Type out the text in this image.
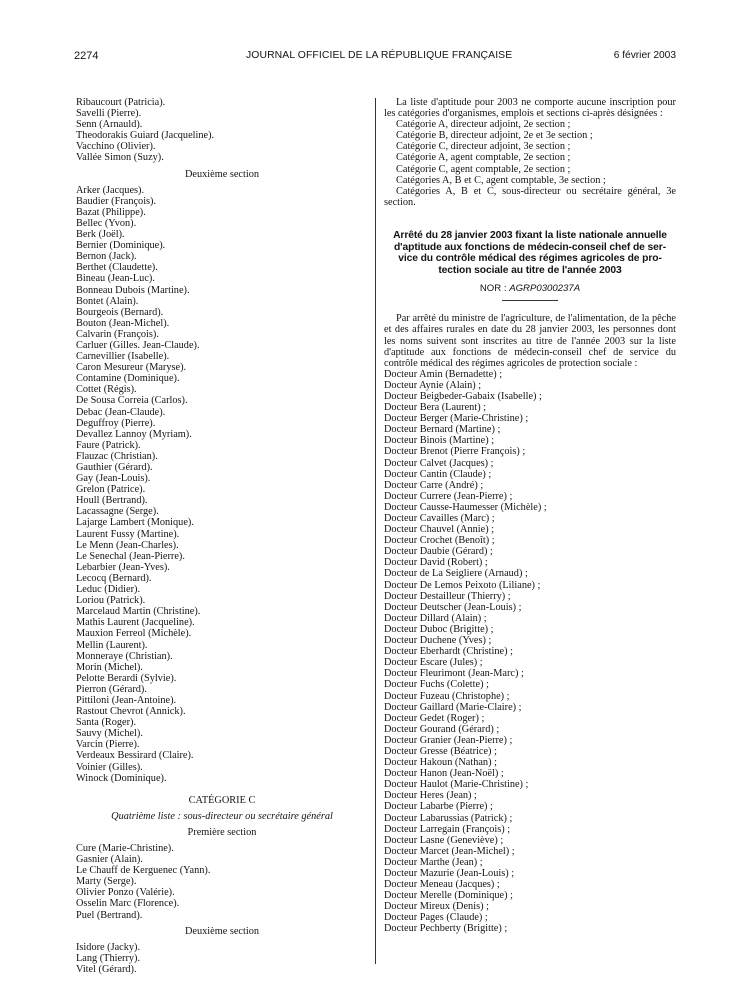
2274	JOURNAL OFFICIEL DE LA RÉPUBLIQUE FRANÇAISE	6 février 2003
Ribaucourt (Patricia).
Savelli (Pierre).
Senn (Arnauld).
Theodorakis Guiard (Jacqueline).
Vacchino (Olivier).
Vallée Simon (Suzy).
Deuxième section
Arker (Jacques).
Baudier (François).
Bazat (Philippe).
Bellec (Yvon).
Berk (Joël).
Bernier (Dominique).
Bernon (Jack).
Berthet (Claudette).
Bineau (Jean-Luc).
Bonneau Dubois (Martine).
Bontet (Alain).
Bourgeois (Bernard).
Bouton (Jean-Michel).
Calvarin (François).
Carluer (Gilles. Jean-Claude).
Carnevillier (Isabelle).
Caron Mesureur (Maryse).
Contamine (Dominique).
Cottet (Régis).
De Sousa Correia (Carlos).
Debac (Jean-Claude).
Deguffroy (Pierre).
Devallez Lannoy (Myriam).
Faure (Patrick).
Flauzac (Christian).
Gauthier (Gérard).
Gay (Jean-Louis).
Grelon (Patrice).
Houll (Bertrand).
Lacassagne (Serge).
Lajarge Lambert (Monique).
Laurent Fussy (Martine).
Le Menn (Jean-Charles).
Le Senechal (Jean-Pierre).
Lebarbier (Jean-Yves).
Lecocq (Bernard).
Leduc (Didier).
Loriou (Patrick).
Marcelaud Martin (Christine).
Mathis Laurent (Jacqueline).
Mauxion Ferreol (Michèle).
Mellin (Laurent).
Monneraye (Christian).
Morin (Michel).
Pelotte Berardi (Sylvie).
Pierron (Gérard).
Pittiloni (Jean-Antoine).
Rastout Chevrot (Annick).
Santa (Roger).
Sauvy (Michel).
Varcin (Pierre).
Verdeaux Bessirard (Claire).
Voinier (Gilles).
Winock (Dominique).
CATÉGORIE C
Quatrième liste : sous-directeur ou secrétaire général
Première section
Cure (Marie-Christine).
Gasnier (Alain).
Le Chauff de Kerguenec (Yann).
Marty (Serge).
Olivier Ponzo (Valérie).
Osselin Marc (Florence).
Puel (Bertrand).
Deuxième section
Isidore (Jacky).
Lang (Thierry).
Vitel (Gérard).
La liste d'aptitude pour 2003 ne comporte aucune inscription pour les catégories d'organismes, emplois et sections ci-après désignées :
Catégorie A, directeur adjoint, 2e section ;
Catégorie B, directeur adjoint, 2e et 3e section ;
Catégorie C, directeur adjoint, 3e section ;
Catégorie A, agent comptable, 2e section ;
Catégorie C, agent comptable, 2e section ;
Catégories A, B et C, agent comptable, 3e section ;
Catégories A, B et C, sous-directeur ou secrétaire général, 3e section.
Arrêté du 28 janvier 2003 fixant la liste nationale annuelle
d'aptitude aux fonctions de médecin-conseil chef de ser-
vice du contrôle médical des régimes agricoles de pro-
tection sociale au titre de l'année 2003
NOR : AGRP0300237A
Par arrêté du ministre de l'agriculture, de l'alimentation, de la pêche et des affaires rurales en date du 28 janvier 2003, les personnes dont les noms suivent sont inscrites au titre de l'année 2003 sur la liste d'aptitude aux fonctions de médecin-conseil chef de service du contrôle médical des régimes agricoles de protection sociale :
Docteur Amin (Bernadette) ;
Docteur Aynie (Alain) ;
Docteur Beigbeder-Gabaix (Isabelle) ;
Docteur Bera (Laurent) ;
Docteur Berger (Marie-Christine) ;
Docteur Bernard (Martine) ;
Docteur Binois (Martine) ;
Docteur Brenot (Pierre François) ;
Docteur Calvet (Jacques) ;
Docteur Cantin (Claude) ;
Docteur Carre (André) ;
Docteur Currere (Jean-Pierre) ;
Docteur Causse-Haumesser (Michèle) ;
Docteur Cavailles (Marc) ;
Docteur Chauvel (Annie) ;
Docteur Crochet (Benoît) ;
Docteur Daubie (Gérard) ;
Docteur David (Robert) ;
Docteur de La Seigliere (Arnaud) ;
Docteur De Lemos Peixoto (Liliane) ;
Docteur Destailleur (Thierry) ;
Docteur Deutscher (Jean-Louis) ;
Docteur Dillard (Alain) ;
Docteur Duboc (Brigitte) ;
Docteur Duchene (Yves) ;
Docteur Eberhardt (Christine) ;
Docteur Escare (Jules) ;
Docteur Fleurimont (Jean-Marc) ;
Docteur Fuchs (Colette) ;
Docteur Fuzeau (Christophe) ;
Docteur Gaillard (Marie-Claire) ;
Docteur Gedet (Roger) ;
Docteur Gourand (Gérard) ;
Docteur Granier (Jean-Pierre) ;
Docteur Gresse (Béatrice) ;
Docteur Hakoun (Nathan) ;
Docteur Hanon (Jean-Noël) ;
Docteur Haulot (Marie-Christine) ;
Docteur Heres (Jean) ;
Docteur Labarbe (Pierre) ;
Docteur Labarussias (Patrick) ;
Docteur Larregain (François) ;
Docteur Lasne (Geneviève) ;
Docteur Marcet (Jean-Michel) ;
Docteur Marthe (Jean) ;
Docteur Mazurie (Jean-Louis) ;
Docteur Meneau (Jacques) ;
Docteur Merelle (Dominique) ;
Docteur Mireux (Denis) ;
Docteur Pages (Claude) ;
Docteur Pechberty (Brigitte) ;
